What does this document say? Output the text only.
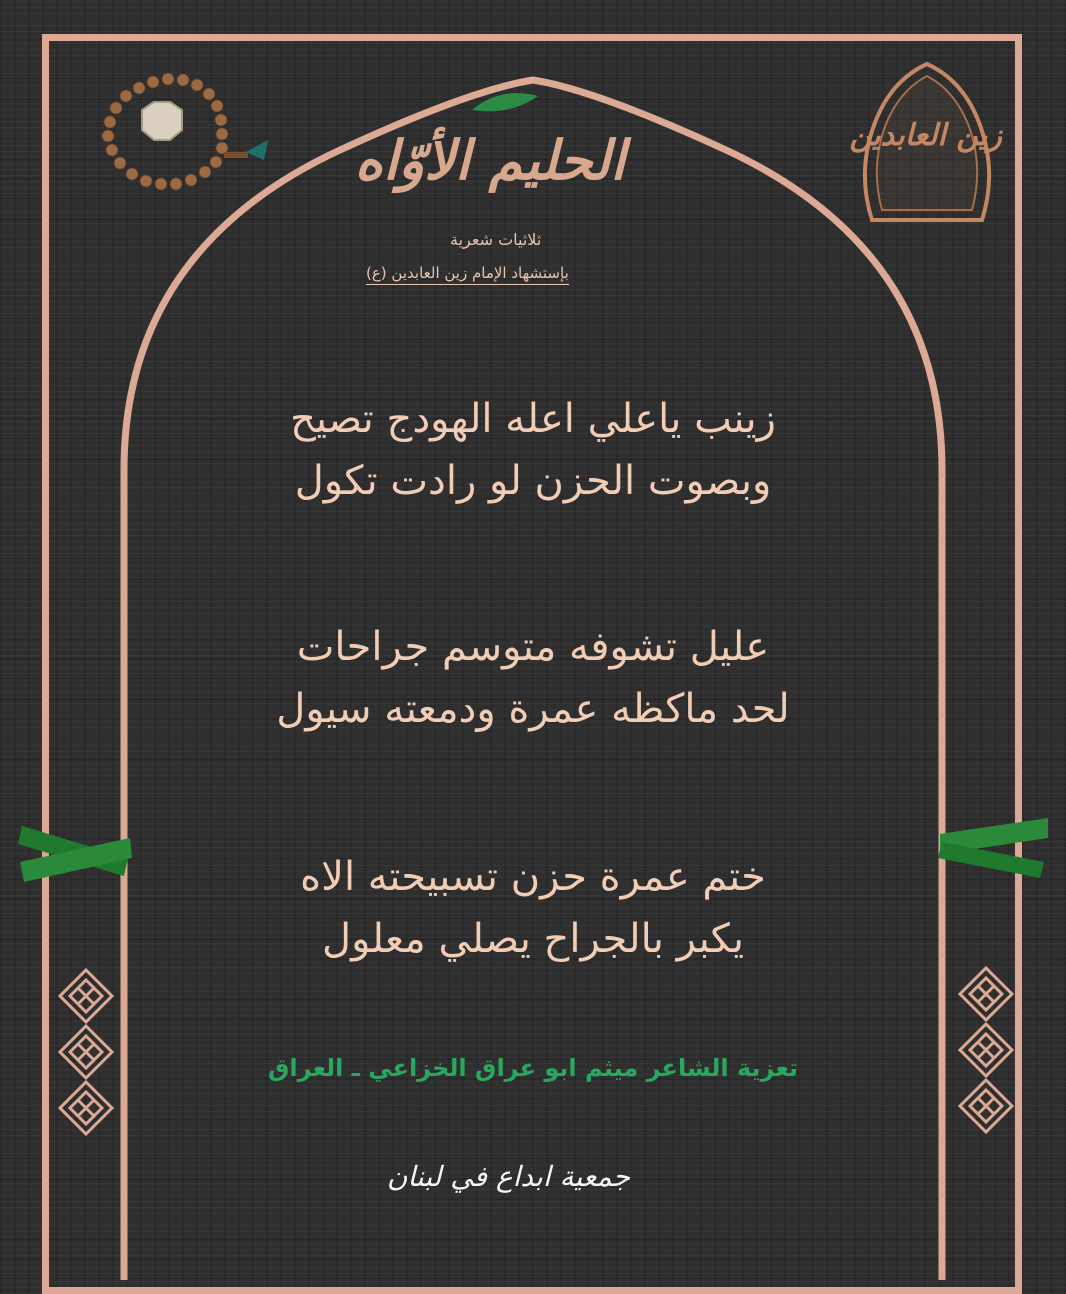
الحليم الأوّاه
ثلاثيات شعرية
بإستشهاد الإمام زين العابدين (ع)
زين العابدين
زينب ياعلي اعله الهودج تصيح
وبصوت الحزن لو رادت تكول
عليل تشوفه متوسم جراحات
لحد ماكظه عمرة ودمعته سيول
ختم عمرة حزن تسبيحته الاه
يكبر بالجراح يصلي معلول
تعزية الشاعر ميثم ابو عراق الخزاعي ـ العراق
جمعية ابداع في لبنان
